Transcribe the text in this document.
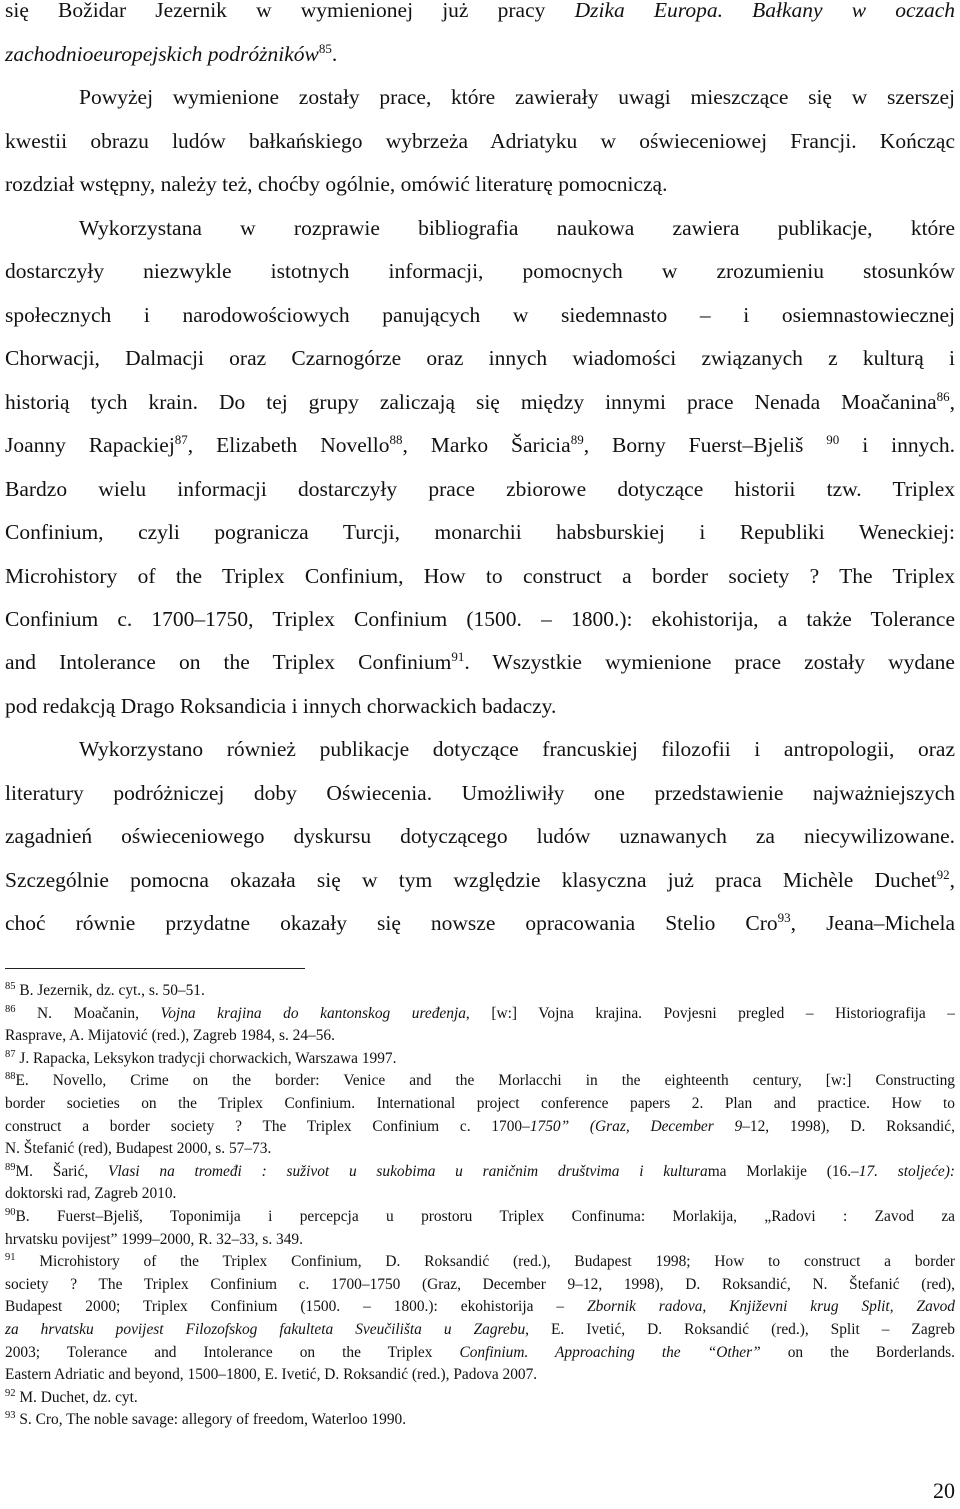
się Božidar Jezernik w wymienionej już pracy Dzika Europa. Bałkany w oczach
zachodnioeuropejskich podróżników$^{85}$.
Powyżej wymienione zostały prace, które zawierały uwagi mieszczące się w szerszej
kwestii obrazu ludów bałkańskiego wybrzeża Adriatyku w oświeceniowej Francji. Kończąc
rozdział wstępny, należy też, choćby ogólnie, omówić literaturę pomocniczą.
Wykorzystana w rozprawie bibliografia naukowa zawiera publikacje, które
dostarczyły niezwykle istotnych informacji, pomocnych w zrozumieniu stosunków
społecznych i narodowościowych panujących w siedemnasto – i osiemnastowiecznej
Chorwacji, Dalmacji oraz Czarnogórze oraz innych wiadomości związanych z kulturą i
historią tych krain. Do tej grupy zaliczają się między innymi prace Nenada Moačanina$^{86}$,
Joanny Rapackiej$^{87}$, Elizabeth Novello$^{88}$, Marko Šaricia$^{89}$, Borny Fuerst–Bjeliš $^{90}$ i innych.
Bardzo wielu informacji dostarczyły prace zbiorowe dotyczące historii tzw. Triplex
Confinium, czyli pogranicza Turcji, monarchii habsburskiej i Republiki Weneckiej:
Microhistory of the Triplex Confinium, How to construct a border society ? The Triplex
Confinium c. 1700–1750, Triplex Confinium (1500. – 1800.): ekohistorija, a także Tolerance
and Intolerance on the Triplex Confinium$^{91}$. Wszystkie wymienione prace zostały wydane
pod redakcją Drago Roksandicia i innych chorwackich badaczy.
Wykorzystano również publikacje dotyczące francuskiej filozofii i antropologii, oraz
literatury podróżniczej doby Oświecenia. Umożliwiły one przedstawienie najważniejszych
zagadnień oświeceniowego dyskursu dotyczącego ludów uznawanych za niecywilizowane.
Szczególnie pomocna okazała się w tym względzie klasyczna już praca Michèle Duchet$^{92}$,
choć równie przydatne okazały się nowsze opracowania Stelio Cro$^{93}$, Jeana–Michela
$^{85}$ B. Jezernik, dz. cyt., s. 50–51.
$^{86}$ N. Moačanin, Vojna krajina do kantonskog uređenja, [w:] Vojna krajina. Povjesni pregled – Historiografija –
Rasprave, A. Mijatović (red.), Zagreb 1984, s. 24–56.
$^{87}$ J. Rapacka, Leksykon tradycji chorwackich, Warszawa 1997.
$^{88}$E. Novello, Crime on the border: Venice and the Morlacchi in the eighteenth century, [w:] Constructing
border societies on the Triplex Confinium. International project conference papers 2. Plan and practice. How to
construct a border society ? The Triplex Confinium c. 1700–1750” (Graz, December 9–12, 1998), D. Roksandić,
N. Štefanić (red), Budapest 2000, s. 57–73.
$^{89}$M. Šarić, Vlasi na tromeđi : suživot u sukobima u raničnim društvima i kulturama Morlakije (16.–17. stoljeće):
doktorski rad, Zagreb 2010.
$^{90}$B. Fuerst–Bjeliš, Toponimija i percepcja u prostoru Triplex Confinuma: Morlakija, „Radovi : Zavod za
hrvatsku povijest” 1999–2000, R. 32–33, s. 349.
$^{91}$ Microhistory of the Triplex Confinium, D. Roksandić (red.), Budapest 1998; How to construct a border
society ? The Triplex Confinium c. 1700–1750 (Graz, December 9–12, 1998), D. Roksandić, N. Štefanić (red),
Budapest 2000; Triplex Confinium (1500. – 1800.): ekohistorija – Zbornik radova, Književni krug Split, Zavod
za hrvatsku povijest Filozofskog fakulteta Sveučilišta u Zagrebu, E. Ivetić, D. Roksandić (red.), Split – Zagreb
2003; Tolerance and Intolerance on the Triplex Confinium. Approaching the “Other” on the Borderlands.
Eastern Adriatic and beyond, 1500–1800, E. Ivetić, D. Roksandić (red.), Padova 2007.
$^{92}$ M. Duchet, dz. cyt.
$^{93}$ S. Cro, The noble savage: allegory of freedom, Waterloo 1990.
20
